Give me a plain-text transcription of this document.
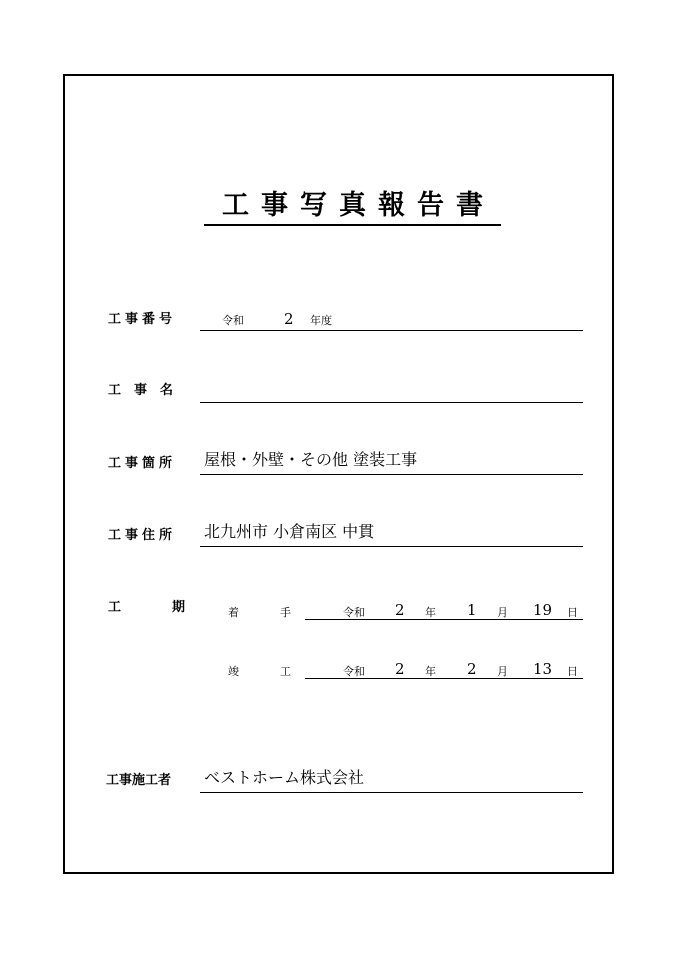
工事写真報告書
工事番号	令和	2 年度
工　事　名
工事箇所 屋根・外壁・その他 塗装工事
工事住所 北九州市 小倉南区 中貫
工	期	着	手	令和 2 年 1 月 19 日
竣	工	令和 2 年 2 月 13 日
工事施工者 ベストホーム株式会社
